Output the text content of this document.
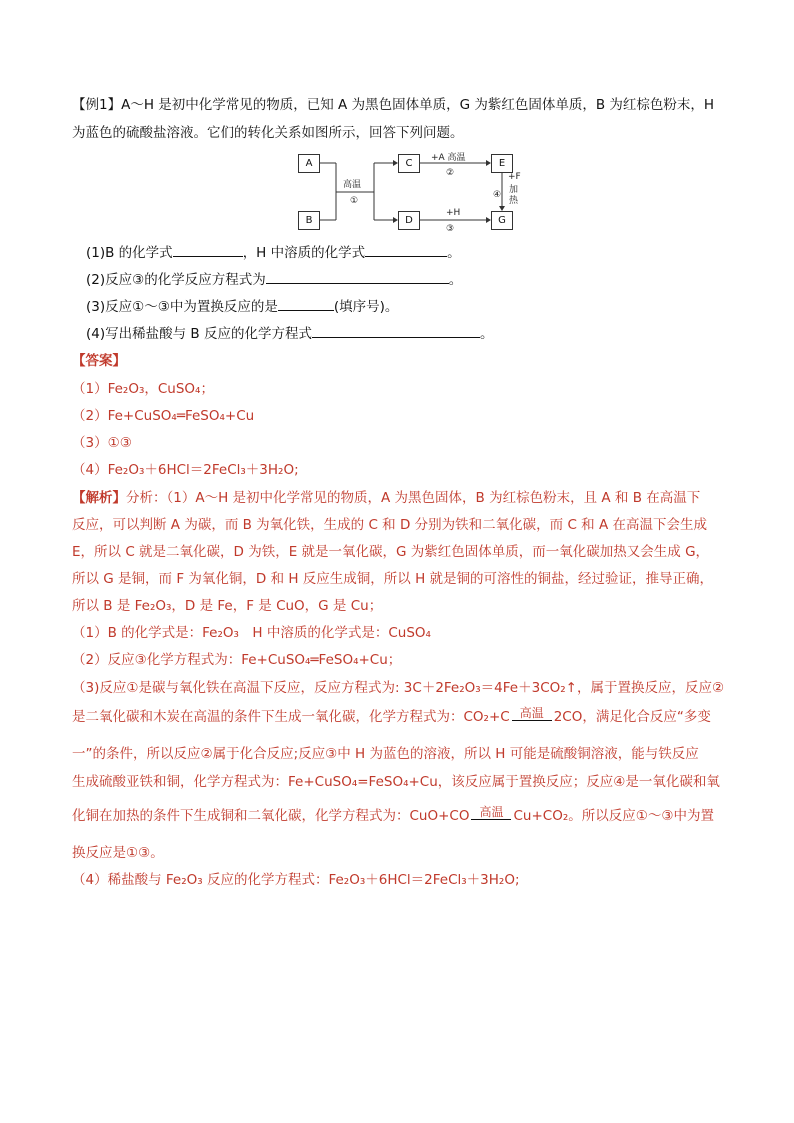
【例1】A～H 是初中化学常见的物质，已知 A 为黑色固体单质，G 为紫红色固体单质，B 为红棕色粉末，H
为蓝色的硫酸盐溶液。它们的转化关系如图所示，回答下列问题。
A
B
C
D
E
G
高温
①
+A 高温
②
+H
③
+F
加
热
④
(1)B 的化学式	，H 中溶质的化学式	。
(2)反应③的化学反应方程式为	。
(3)反应①～③中为置换反应的是	(填序号)。
(4)写出稀盐酸与 B 反应的化学方程式	。
【答案】
（1）Fe₂O₃，CuSO₄；
（2）Fe+CuSO₄═FeSO₄+Cu
（3）①③
（4）Fe₂O₃＋6HCl＝2FeCl₃＋3H₂O;
【解析】分析：（1）A～H 是初中化学常见的物质，A 为黑色固体，B 为红棕色粉末，且 A 和 B 在高温下
反应，可以判断 A 为碳，而 B 为氧化铁，生成的 C 和 D 分别为铁和二氧化碳，而 C 和 A 在高温下会生成
E，所以 C 就是二氧化碳，D 为铁，E 就是一氧化碳，G 为紫红色固体单质，而一氧化碳加热又会生成 G，
所以 G 是铜，而 F 为氧化铜，D 和 H 反应生成铜，所以 H 就是铜的可溶性的铜盐，经过验证，推导正确，
所以 B 是 Fe₂O₃，D 是 Fe，F 是 CuO，G 是 Cu；
（1）B 的化学式是：Fe₂O₃　H 中溶质的化学式是：CuSO₄
（2）反应③化学方程式为：Fe+CuSO₄═FeSO₄+Cu；
（3)反应①是碳与氧化铁在高温下反应，反应方程式为: 3C＋2Fe₂O₃＝4Fe＋3CO₂↑，属于置换反应，反应②
是二氧化碳和木炭在高温的条件下生成一氧化碳，化学方程式为：CO₂+C 高温 2CO，满足化合反应“多变
一”的条件，所以反应②属于化合反应;反应③中 H 为蓝色的溶液，所以 H 可能是硫酸铜溶液，能与铁反应
生成硫酸亚铁和铜，化学方程式为：Fe+CuSO₄=FeSO₄+Cu，该反应属于置换反应；反应④是一氧化碳和氧
化铜在加热的条件下生成铜和二氧化碳，化学方程式为：CuO+CO 高温 Cu+CO₂。所以反应①～③中为置
换反应是①③。
（4）稀盐酸与 Fe₂O₃ 反应的化学方程式：Fe₂O₃＋6HCl＝2FeCl₃＋3H₂O;
